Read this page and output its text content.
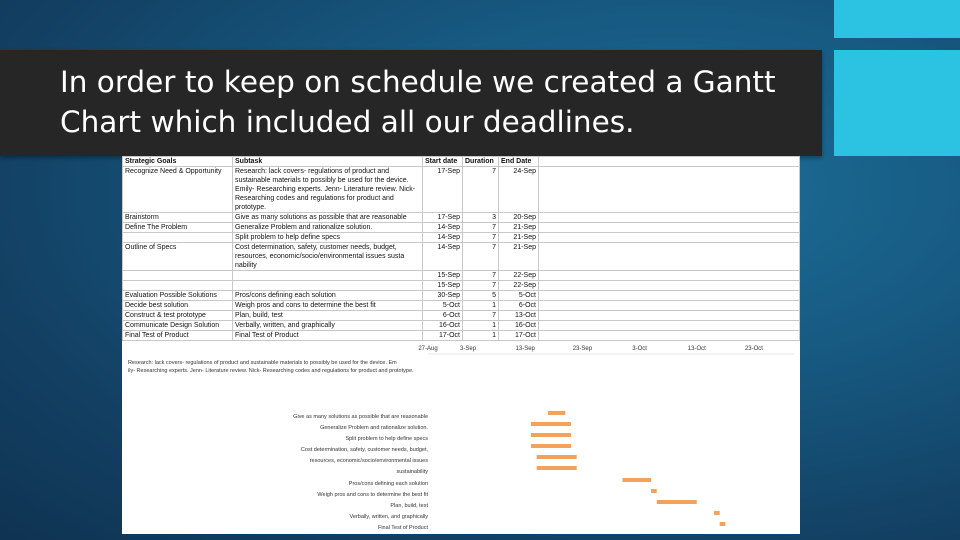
In order to keep on schedule we created a Gantt Chart which included all our deadlines.
Strategic Goals	Subtask	Start date	Duration	End Date	
Recognize Need & Opportunity	Research: lack covers- regulations of product and sustainable materials to possibly be used for the device. Emily- Researching experts. Jenn- Literature review. Nick- Researching codes and regulations for product and prototype.	17-Sep	7	24-Sep	
Brainstorm	Give as many solutions as possible that are reasonable	17-Sep	3	20-Sep	
Define The Problem	Generalize Problem and rationalize solution.	14-Sep	7	21-Sep	
	Split problem to help define specs	14-Sep	7	21-Sep	
Outline of Specs	Cost determination, safety, customer needs, budget, resources, economic/socio/environmental issues susta nability	14-Sep	7	21-Sep	
		15-Sep	7	22-Sep	
		15-Sep	7	22-Sep	
Evaluation Possible Solutions	Pros/cons defining each solution	30-Sep	5	5-Oct	
Decide best solution	Weigh pros and cons to determine the best fit	5-Oct	1	6-Oct	
Construct & test prototype	Plan, build, test	6-Oct	7	13-Oct	
Communicate Design Solution	Verbally, written, and graphically	16-Oct	1	16-Oct	
Final Test of Product	Final Test of Product	17-Oct	1	17-Oct	
27-Aug	3-Sep	13-Sep	23-Sep	3-Oct	13-Oct	23-Oct
Research: lack covers- regulations of product and sustainable materials to possibly be used for the device. Em
ily- Researching experts. Jenn- Literature review. Nick- Researching codes and regulations for product and prototype.
Give as many solutions as possible that are reasonable
Generalize Problem and rationalize solution.
Split problem to help define specs
Cost determination, safety, customer needs, budget,
resources, economic/socio/environmental issues
sustainability
Pros/cons defining each solution
Weigh pros and cons to determine the best fit
Plan, build, test
Verbally, written, and graphically
Final Test of Product
